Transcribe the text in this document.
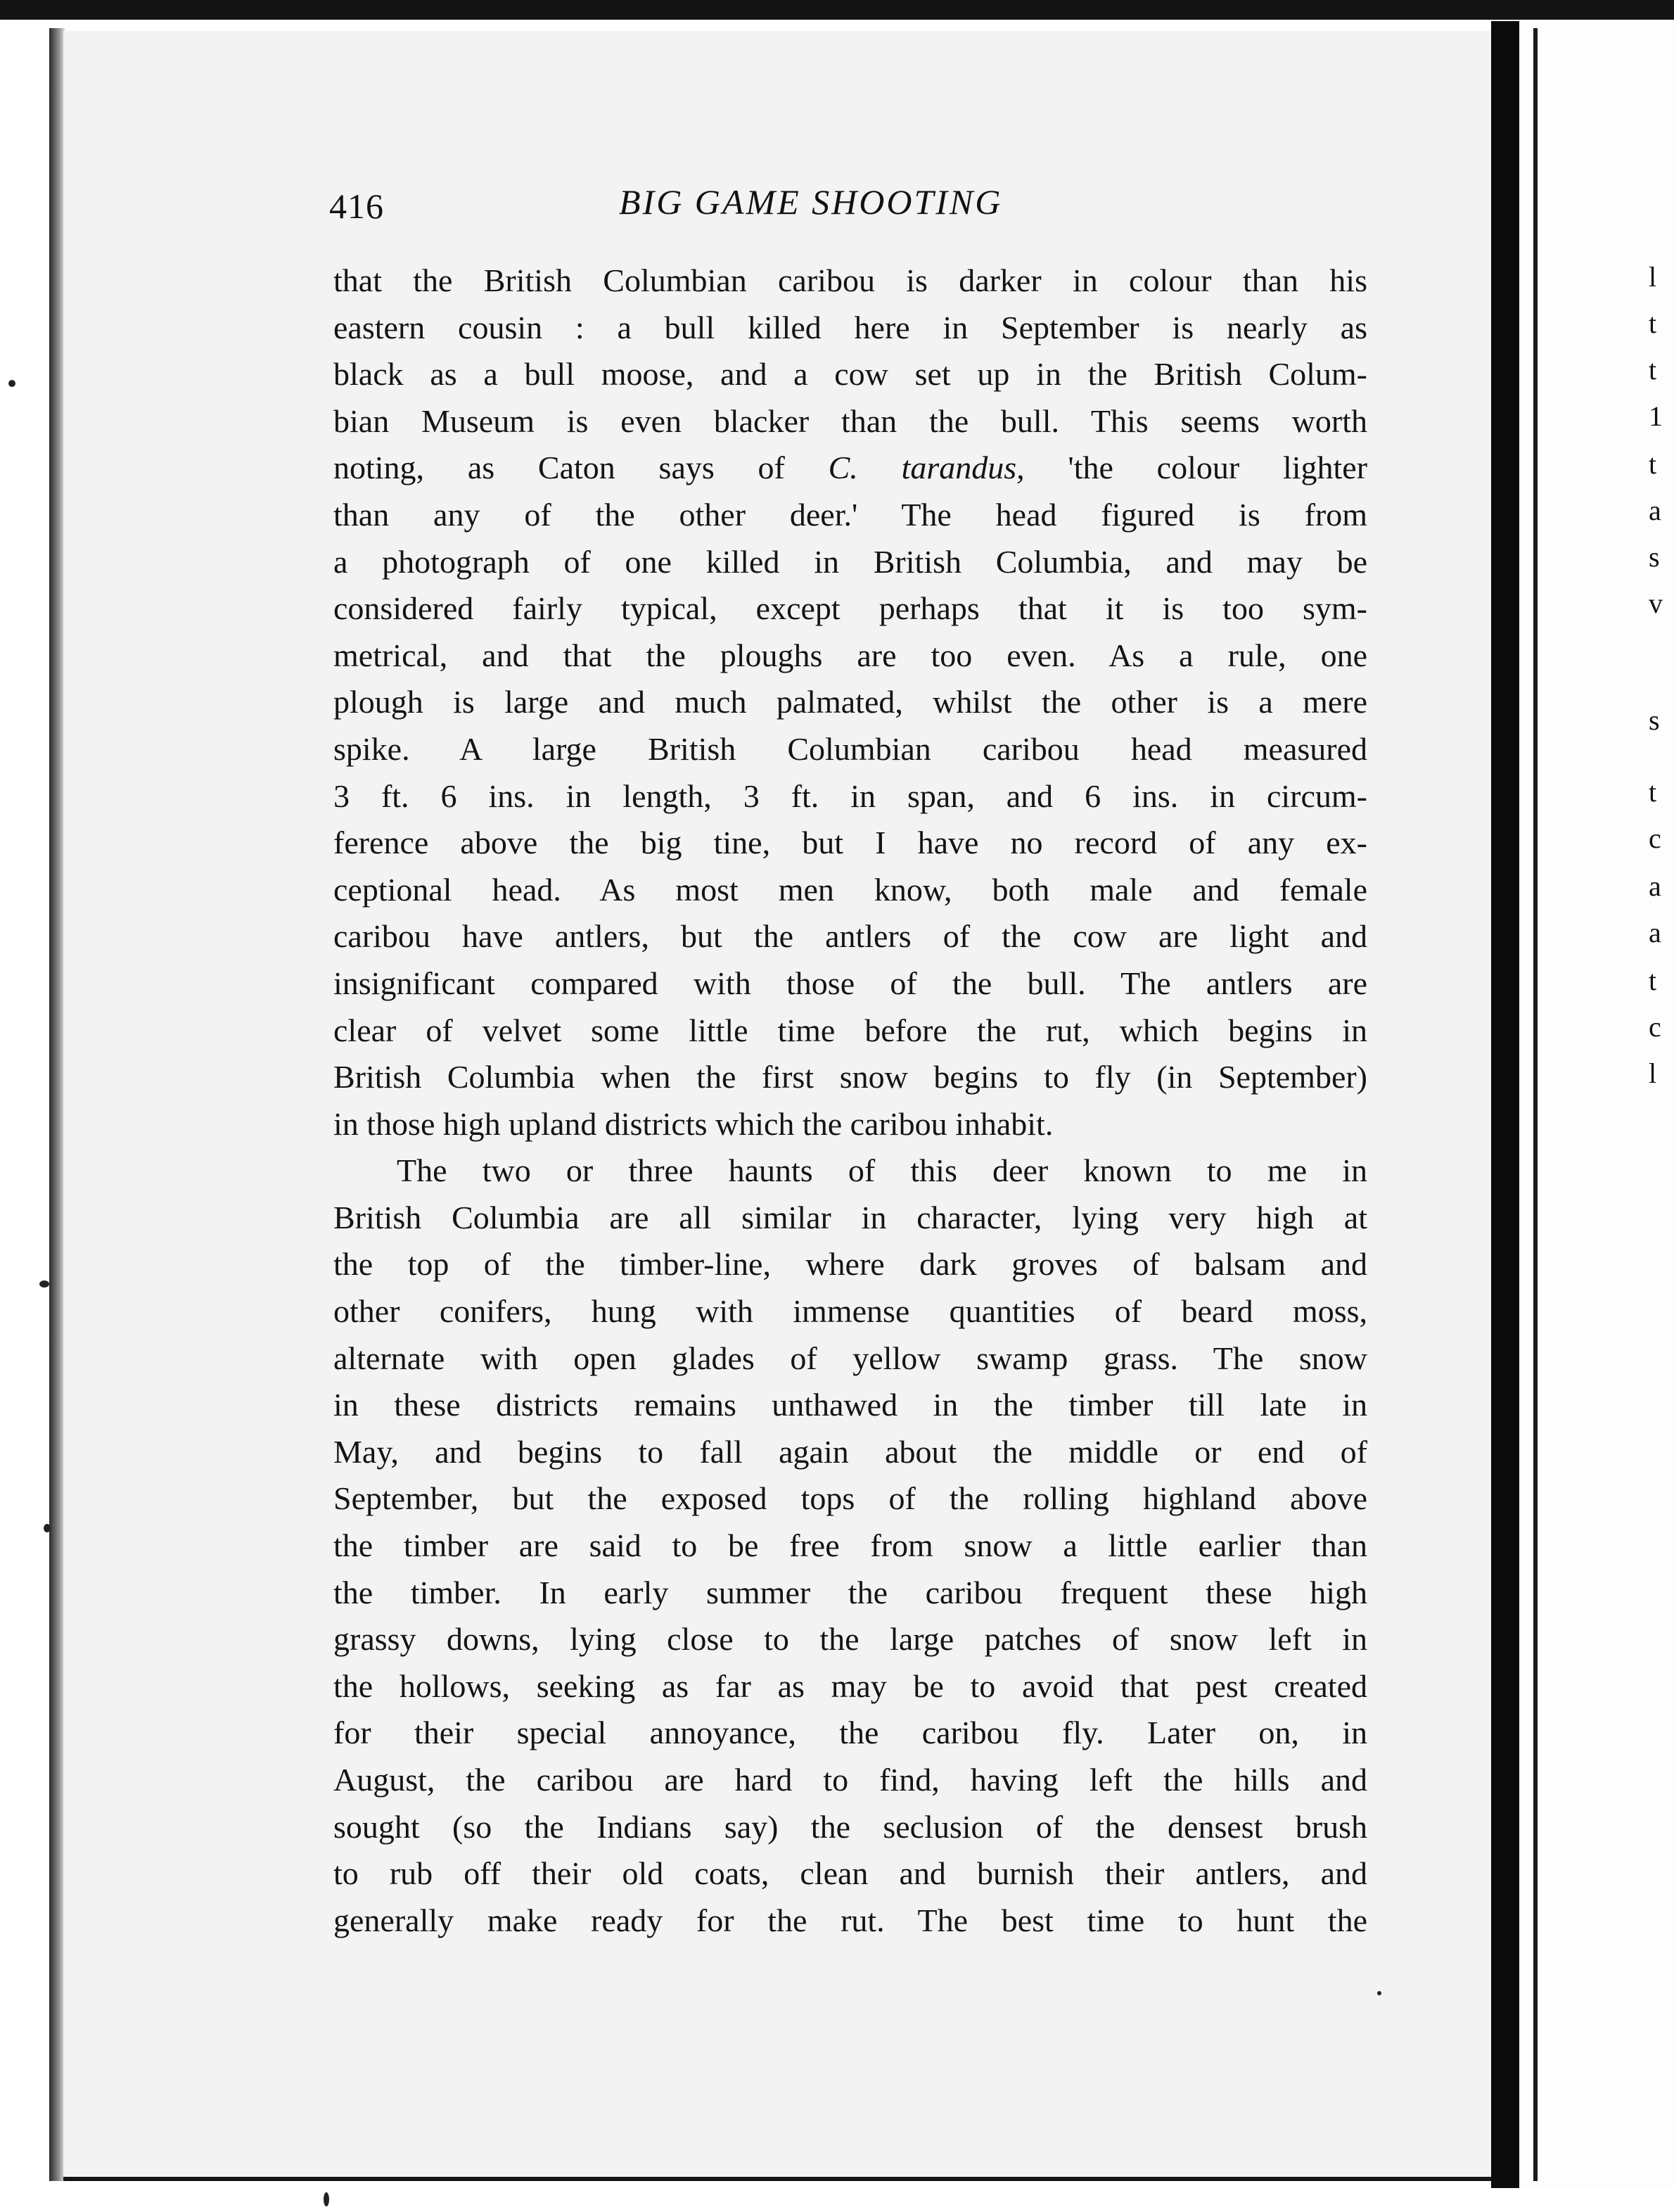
l
t
t
1
t
a
s
v
s
t
c
a
a
t
c
l
416	BIG GAME SHOOTING
that the British Columbian caribou is darker in colour than his
eastern cousin : a bull killed here in September is nearly as
black as a bull moose, and a cow set up in the British Colum-
bian Museum is even blacker than the bull. This seems worth
noting, as Caton says of C. tarandus, 'the colour lighter
than any of the other deer.' The head figured is from
a photograph of one killed in British Columbia, and may be
considered fairly typical, except perhaps that it is too sym-
metrical, and that the ploughs are too even. As a rule, one
plough is large and much palmated, whilst the other is a mere
spike. A large British Columbian caribou head measured
3 ft. 6 ins. in length, 3 ft. in span, and 6 ins. in circum-
ference above the big tine, but I have no record of any ex-
ceptional head. As most men know, both male and female
caribou have antlers, but the antlers of the cow are light and
insignificant compared with those of the bull. The antlers are
clear of velvet some little time before the rut, which begins in
British Columbia when the first snow begins to fly (in September)
in those high upland districts which the caribou inhabit.
The two or three haunts of this deer known to me in
British Columbia are all similar in character, lying very high at
the top of the timber-line, where dark groves of balsam and
other conifers, hung with immense quantities of beard moss,
alternate with open glades of yellow swamp grass. The snow
in these districts remains unthawed in the timber till late in
May, and begins to fall again about the middle or end of
September, but the exposed tops of the rolling highland above
the timber are said to be free from snow a little earlier than
the timber. In early summer the caribou frequent these high
grassy downs, lying close to the large patches of snow left in
the hollows, seeking as far as may be to avoid that pest created
for their special annoyance, the caribou fly. Later on, in
August, the caribou are hard to find, having left the hills and
sought (so the Indians say) the seclusion of the densest brush
to rub off their old coats, clean and burnish their antlers, and
generally make ready for the rut. The best time to hunt the
